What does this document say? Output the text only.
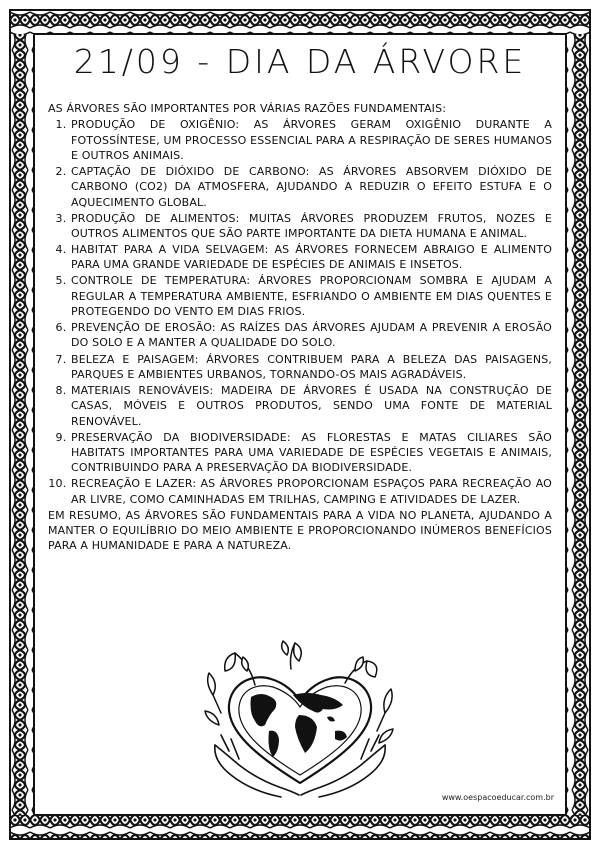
21/09 - DIA DA ÁRVORE

AS ÁRVORES SÃO IMPORTANTES POR VÁRIAS RAZÕES FUNDAMENTAIS:

1. PRODUÇÃO DE OXIGÊNIO: AS ÁRVORES GERAM OXIGÊNIO DURANTE A FOTOSSÍNTESE, UM PROCESSO ESSENCIAL PARA A RESPIRAÇÃO DE SERES HUMANOS E OUTROS ANIMAIS.
2. CAPTAÇÃO DE DIÓXIDO DE CARBONO: AS ÁRVORES ABSORVEM DIÓXIDO DE CARBONO (CO2) DA ATMOSFERA, AJUDANDO A REDUZIR O EFEITO ESTUFA E O AQUECIMENTO GLOBAL.
3. PRODUÇÃO DE ALIMENTOS: MUITAS ÁRVORES PRODUZEM FRUTOS, NOZES E OUTROS ALIMENTOS QUE SÃO PARTE IMPORTANTE DA DIETA HUMANA E ANIMAL.
4. HABITAT PARA A VIDA SELVAGEM: AS ÁRVORES FORNECEM ABRAIGO E ALIMENTO PARA UMA GRANDE VARIEDADE DE ESPÉCIES DE ANIMAIS E INSETOS.
5. CONTROLE DE TEMPERATURA: ÁRVORES PROPORCIONAM SOMBRA E AJUDAM A REGULAR A TEMPERATURA AMBIENTE, ESFRIANDO O AMBIENTE EM DIAS QUENTES E PROTEGENDO DO VENTO EM DIAS FRIOS.
6. PREVENÇÃO DE EROSÃO: AS RAÍZES DAS ÁRVORES AJUDAM A PREVENIR A EROSÃO DO SOLO E A MANTER A QUALIDADE DO SOLO.
7. BELEZA E PAISAGEM: ÁRVORES CONTRIBUEM PARA A BELEZA DAS PAISAGENS, PARQUES E AMBIENTES URBANOS, TORNANDO-OS MAIS AGRADÁVEIS.
8. MATERIAIS RENOVÁVEIS: MADEIRA DE ÁRVORES É USADA NA CONSTRUÇÃO DE CASAS, MÓVEIS E OUTROS PRODUTOS, SENDO UMA FONTE DE MATERIAL RENOVÁVEL.
9. PRESERVAÇÃO DA BIODIVERSIDADE: AS FLORESTAS E MATAS CILIARES SÃO HABITATS IMPORTANTES PARA UMA VARIEDADE DE ESPÉCIES VEGETAIS E ANIMAIS, CONTRIBUINDO PARA A PRESERVAÇÃO DA BIODIVERSIDADE.
10. RECREAÇÃO E LAZER: AS ÁRVORES PROPORCIONAM ESPAÇOS PARA RECREAÇÃO AO AR LIVRE, COMO CAMINHADAS EM TRILHAS, CAMPING E ATIVIDADES DE LAZER.

EM RESUMO, AS ÁRVORES SÃO FUNDAMENTAIS PARA A VIDA NO PLANETA, AJUDANDO A MANTER O EQUILÍBRIO DO MEIO AMBIENTE E PROPORCIONANDO INÚMEROS BENEFÍCIOS PARA A HUMANIDADE E PARA A NATUREZA.

www.oespacoeducar.com.br
